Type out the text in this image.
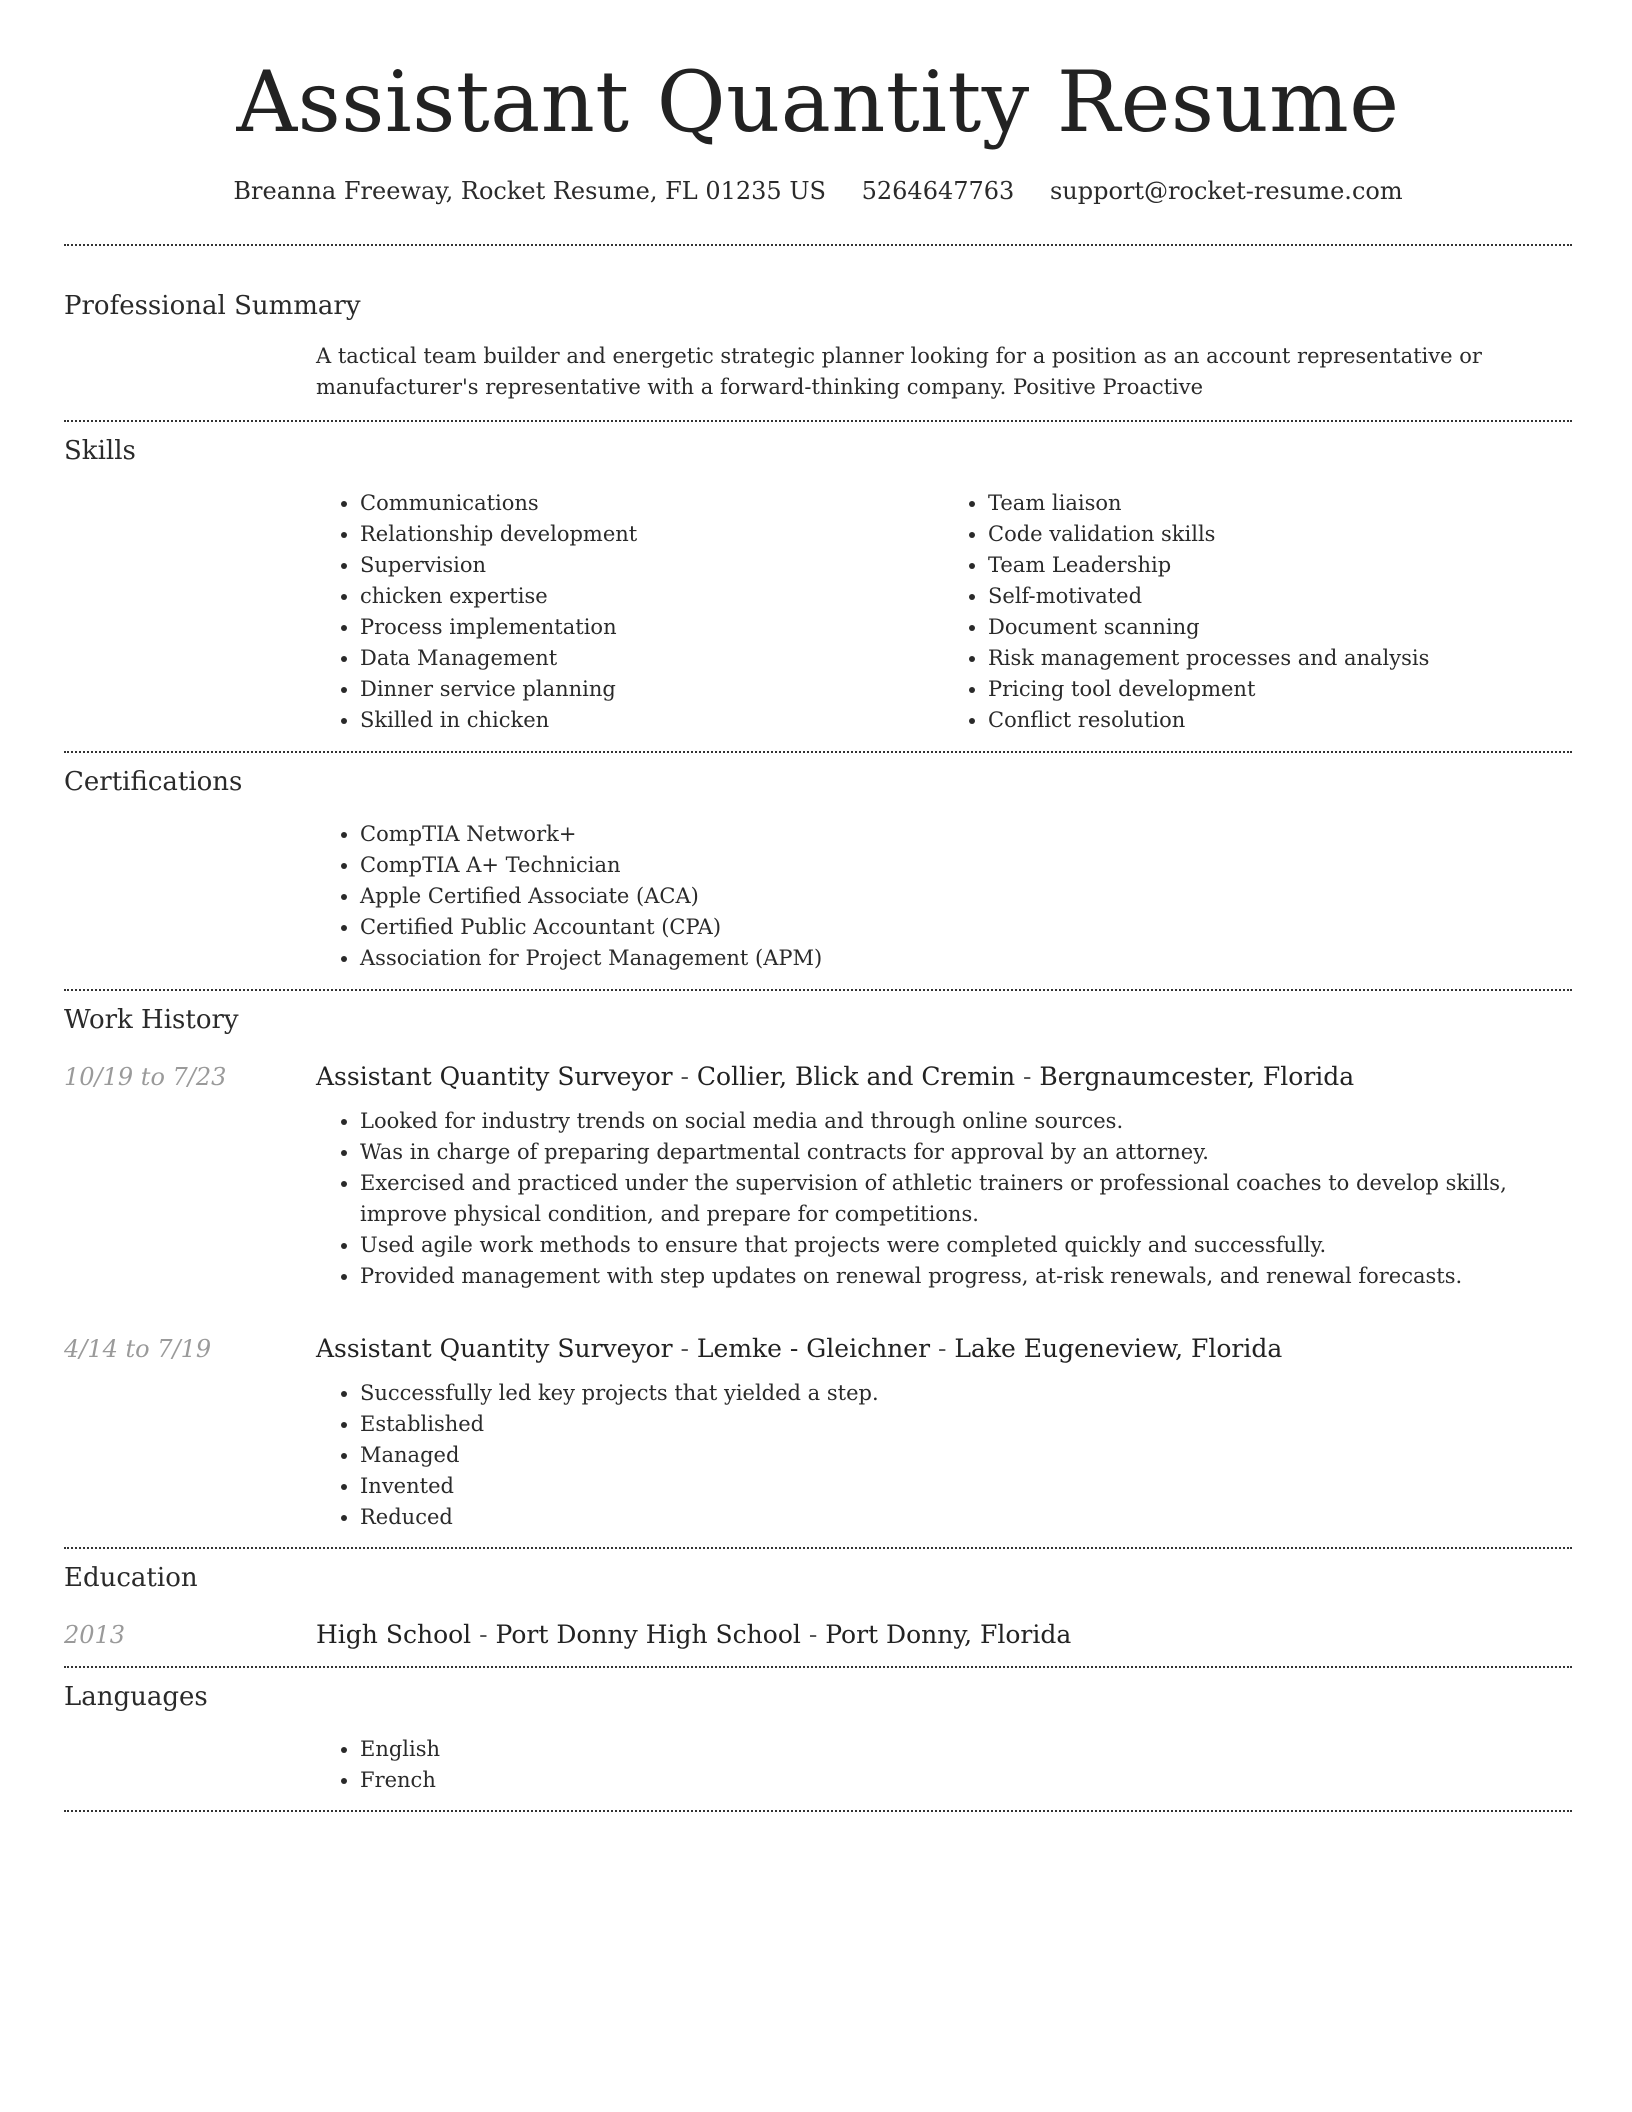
Assistant Quantity Resume
Breanna Freeway, Rocket Resume, FL 01235 US 5264647763 support@rocket-resume.com
Professional Summary
A tactical team builder and energetic strategic planner looking for a position as an account representative or manufacturer's representative with a forward-thinking company. Positive Proactive
Skills
• Communications
• Relationship development
• Supervision
• chicken expertise
• Process implementation
• Data Management
• Dinner service planning
• Skilled in chicken
• Team liaison
• Code validation skills
• Team Leadership
• Self-motivated
• Document scanning
• Risk management processes and analysis
• Pricing tool development
• Conflict resolution
Certifications
• CompTIA Network+
• CompTIA A+ Technician
• Apple Certified Associate (ACA)
• Certified Public Accountant (CPA)
• Association for Project Management (APM)
Work History
10/19 to 7/23	Assistant Quantity Surveyor - Collier, Blick and Cremin - Bergnaumcester, Florida
• Looked for industry trends on social media and through online sources.
• Was in charge of preparing departmental contracts for approval by an attorney.
• Exercised and practiced under the supervision of athletic trainers or professional coaches to develop skills, improve physical condition, and prepare for competitions.
• Used agile work methods to ensure that projects were completed quickly and successfully.
• Provided management with step updates on renewal progress, at-risk renewals, and renewal forecasts.
4/14 to 7/19	Assistant Quantity Surveyor - Lemke - Gleichner - Lake Eugeneview, Florida
• Successfully led key projects that yielded a step.
• Established
• Managed
• Invented
• Reduced
Education
2013	High School - Port Donny High School - Port Donny, Florida
Languages
• English
• French
